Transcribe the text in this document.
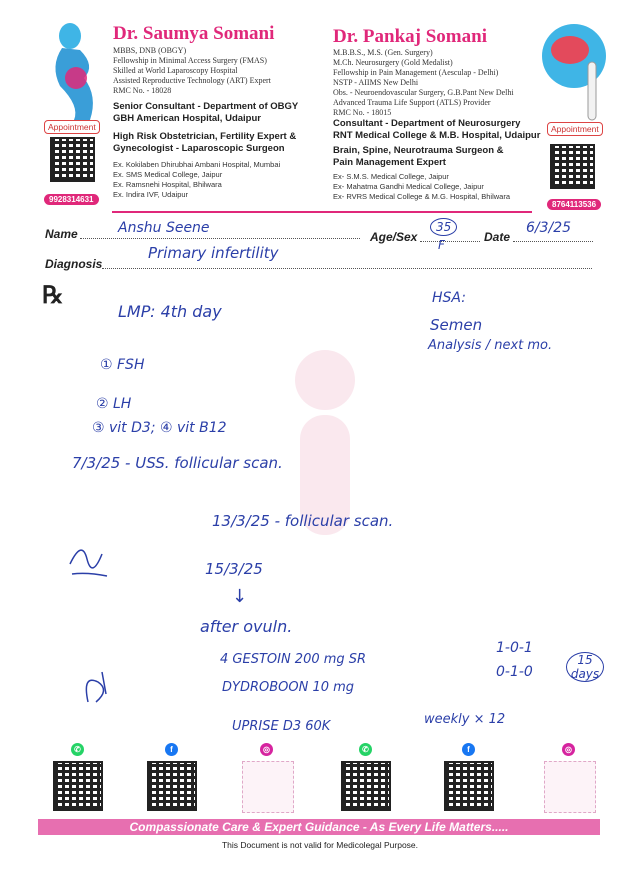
Appointment
9928314631
Dr. Saumya Somani
MBBS, DNB (OBGY)
Fellowship in Minimal Access Surgery (FMAS)
Skilled at World Laparoscopy Hospital
Assisted Reproductive Technology (ART) Expert
RMC No. - 18028
Senior Consultant - Department of OBGY
GBH American Hospital, Udaipur
High Risk Obstetrician, Fertility Expert &
Gynecologist - Laparoscopic Surgeon
Ex. Kokilaben Dhirubhai Ambani Hospital, Mumbai
Ex. SMS Medical College, Jaipur
Ex. Ramsnehi Hospital, Bhilwara
Ex. Indira IVF, Udaipur
Dr. Pankaj Somani
M.B.B.S., M.S. (Gen. Surgery)
M.Ch. Neurosurgery (Gold Medalist)
Fellowship in Pain Management (Aesculap - Delhi)
NSTP - AIIMS New Delhi
Obs. - Neuroendovascular Surgery, G.B.Pant New Delhi
Advanced Trauma Life Support (ATLS) Provider
RMC No. - 18015
Consultant - Department of Neurosurgery
RNT Medical College & M.B. Hospital, Udaipur
Brain, Spine, Neurotrauma Surgeon &
Pain Management Expert
Ex- S.M.S. Medical College, Jaipur
Ex- Mahatma Gandhi Medical College, Jaipur
Ex- RVRS Medical College & M.G. Hospital, Bhilwara
Appointment
8764113536
Name	Anshu Seene
Age/Sex
35
F
Date
6/3/25
Diagnosis
Primary infertility
℞
LMP: 4th day
HSA:
Semen
Analysis / next mo.
① FSH
② LH
③ vit D3; ④ vit B12
7/3/25 - USS. follicular scan.
13/3/25 - follicular scan.
15/3/25
↓
after ovuln.
4 GESTOIN 200 mg SR
1-0-1
0-1-0
15 days
DYDROBOON 10 mg
UPRISE D3 60K	weekly × 12
✆	f	◎	✆	f	◎
Compassionate Care & Expert Guidance - As Every Life Matters.....
This Document is not valid for Medicolegal Purpose.
